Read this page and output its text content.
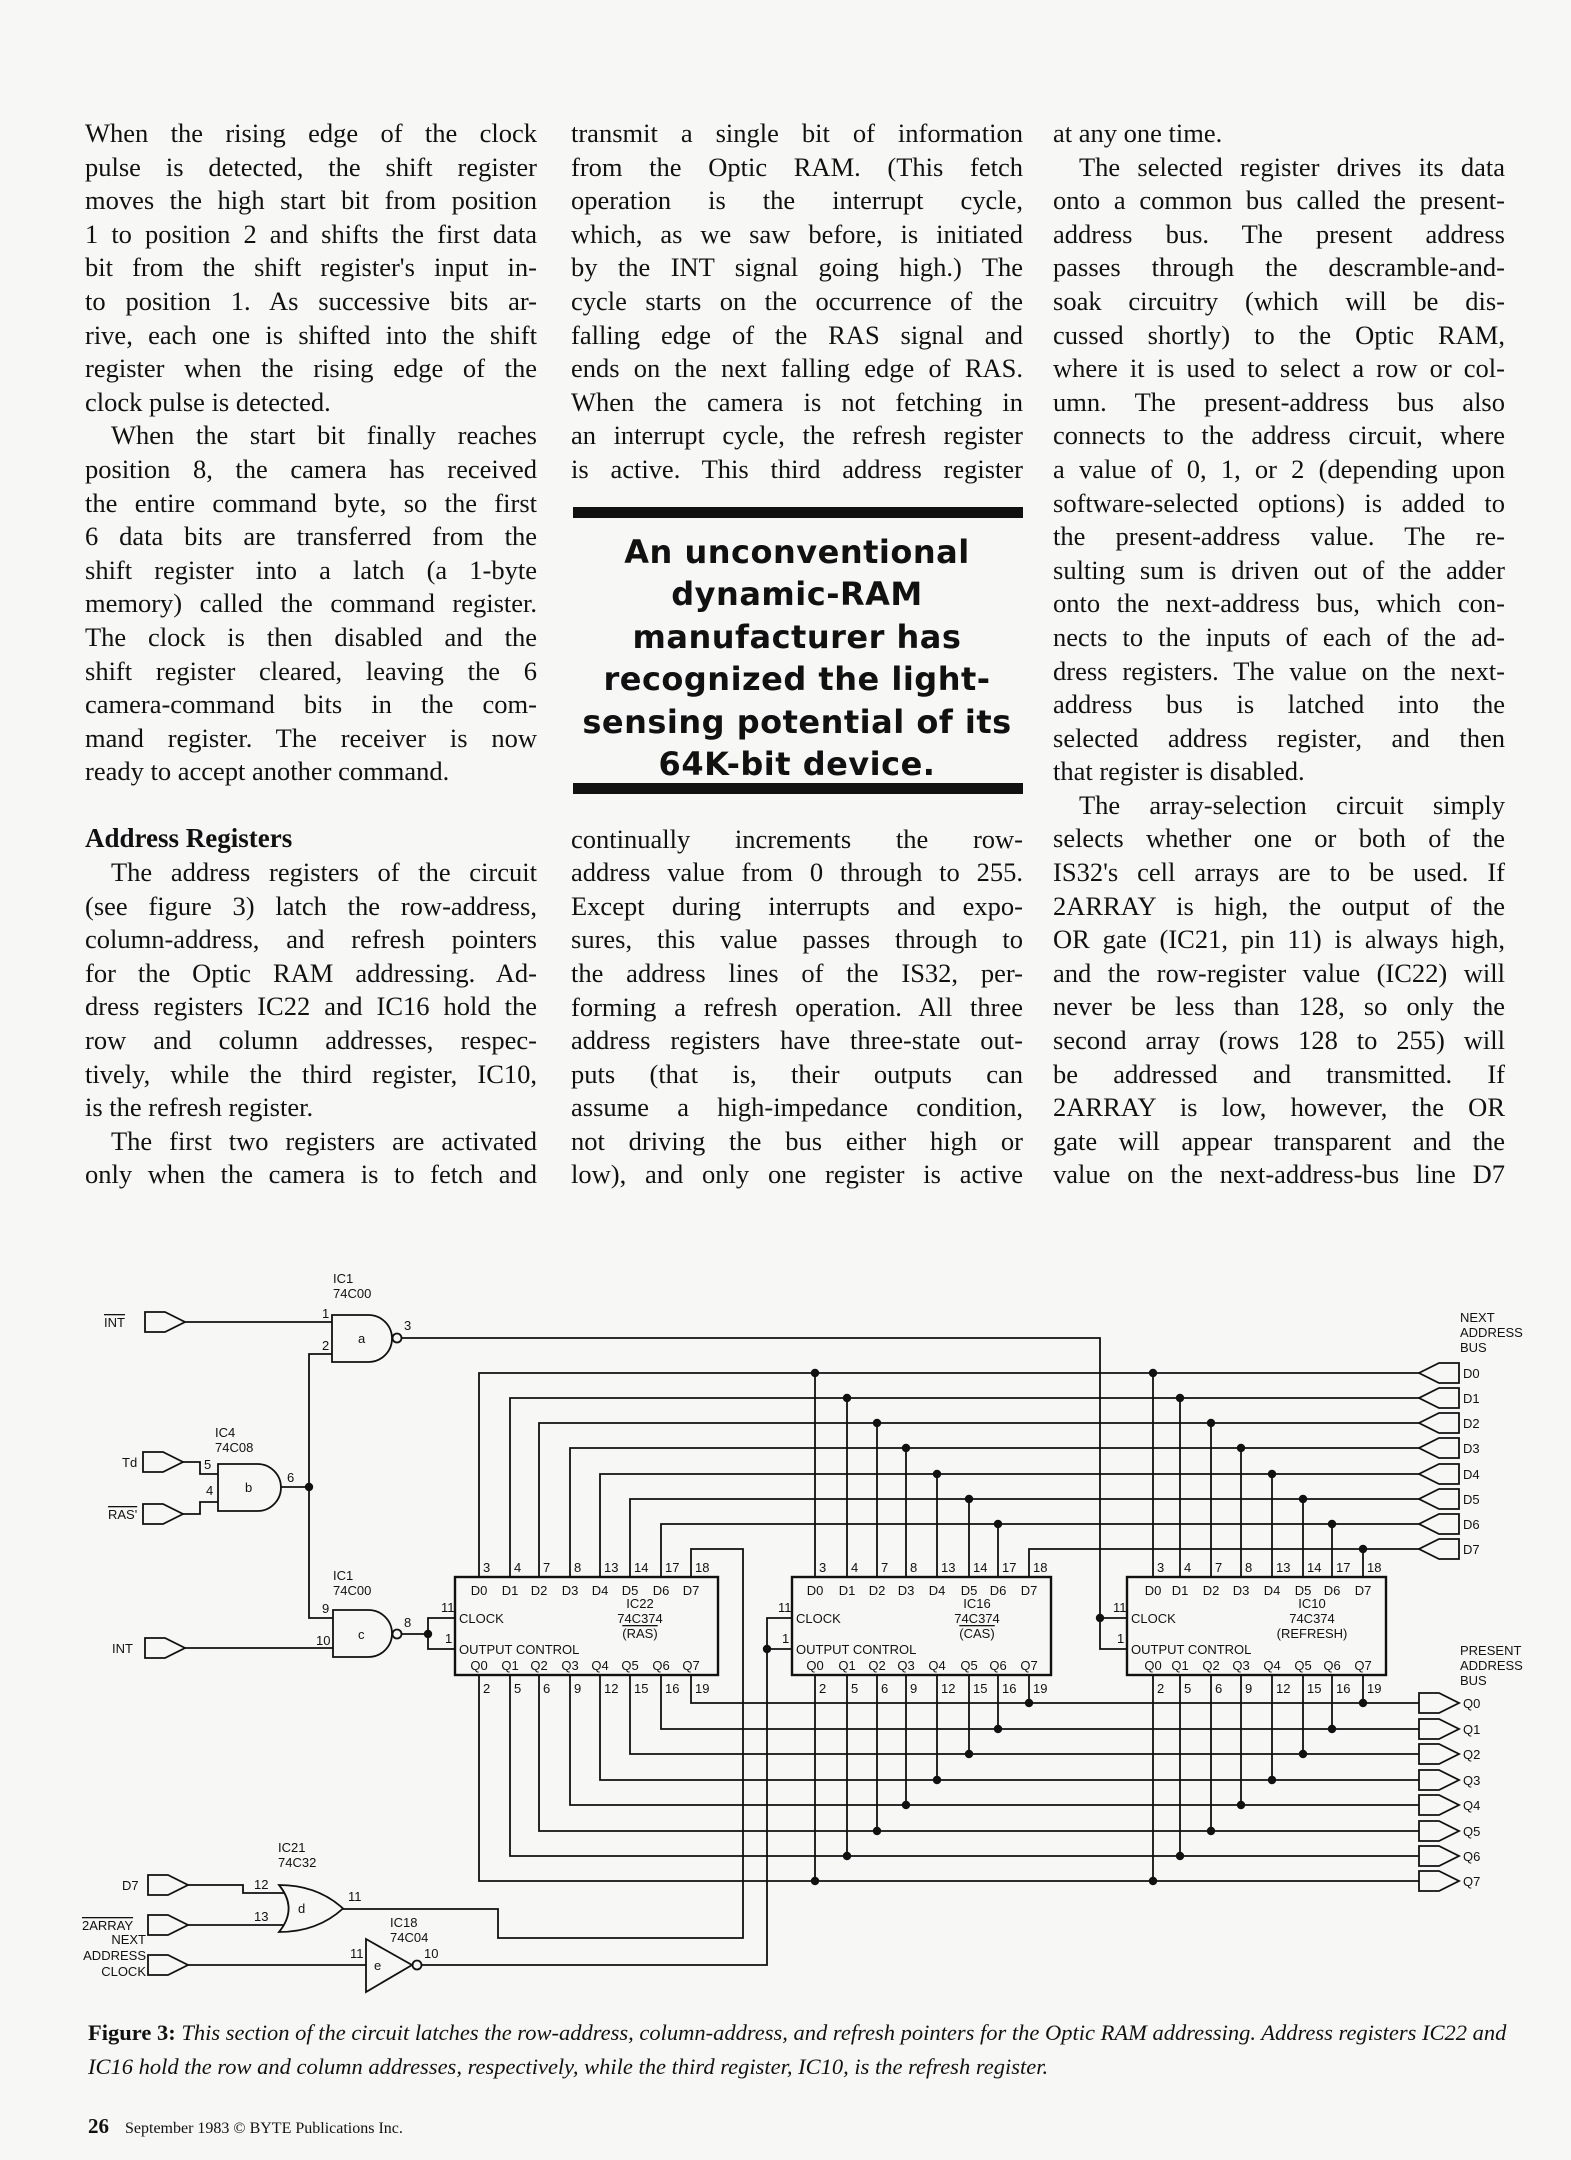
When the rising edge of the clock
pulse is detected, the shift register
moves the high start bit from position
1 to position 2 and shifts the first data
bit from the shift register's input in-
to position 1. As successive bits ar-
rive, each one is shifted into the shift
register when the rising edge of the
clock pulse is detected.
When the start bit finally reaches
position 8, the camera has received
the entire command byte, so the first
6 data bits are transferred from the
shift register into a latch (a 1-byte
memory) called the command register.
The clock is then disabled and the
shift register cleared, leaving the 6
camera-command bits in the com-
mand register. The receiver is now
ready to accept another command.
Address Registers
The address registers of the circuit
(see figure 3) latch the row-address,
column-address, and refresh pointers
for the Optic RAM addressing. Ad-
dress registers IC22 and IC16 hold the
row and column addresses, respec-
tively, while the third register, IC10,
is the refresh register.
The first two registers are activated
only when the camera is to fetch and
transmit a single bit of information
from the Optic RAM. (This fetch
operation is the interrupt cycle,
which, as we saw before, is initiated
by the INT signal going high.) The
cycle starts on the occurrence of the
falling edge of the RAS signal and
ends on the next falling edge of RAS.
When the camera is not fetching in
an interrupt cycle, the refresh register
is active. This third address register
An unconventional
dynamic-RAM
manufacturer has
recognized the light-
sensing potential of its
64K-bit device.
continually increments the row-
address value from 0 through to 255.
Except during interrupts and expo-
sures, this value passes through to
the address lines of the IS32, per-
forming a refresh operation. All three
address registers have three-state out-
puts (that is, their outputs can
assume a high-impedance condition,
not driving the bus either high or
low), and only one register is active
at any one time.
The selected register drives its data
onto a common bus called the present-
address bus. The present address
passes through the descramble-and-
soak circuitry (which will be dis-
cussed shortly) to the Optic RAM,
where it is used to select a row or col-
umn. The present-address bus also
connects to the address circuit, where
a value of 0, 1, or 2 (depending upon
software-selected options) is added to
the present-address value. The re-
sulting sum is driven out of the adder
onto the next-address bus, which con-
nects to the inputs of each of the ad-
dress registers. The value on the next-
address bus is latched into the
selected address register, and then
that register is disabled.
The array-selection circuit simply
selects whether one or both of the
IS32's cell arrays are to be used. If
2ARRAY is high, the output of the
OR gate (IC21, pin 11) is always high,
and the row-register value (IC22) will
never be less than 128, so only the
second array (rows 128 to 255) will
be addressed and transmitted. If
2ARRAY is low, however, the OR
gate will appear transparent and the
value on the next-address-bus line D7
INT
Td
RAS'
INT
D7
2ARRAY
NEXT
ADDRESS
CLOCK
IC1
74C00
a
1
2
3
IC4
74C08
b
5
4
6
IC1
74C00
c
9
10
8
IC21
74C32
d
12
13
11
IC18
74C04
e
11	10
3
2
D0
Q0
4
5
D1
Q1
7
6
D2
Q2
8
9
D3
Q3
13
12
D4
Q4
14
15
D5
Q5
17
16
D6
Q6
18
19
D7
Q7
CLOCK
OUTPUT CONTROL
11
1
IC22
74C374
(RAS)
3
2
D0
Q0
4
5
D1
Q1
7
6
D2
Q2
8
9
D3
Q3
13
12
D4
Q4
14
15
D5
Q5
17
16
D6
Q6
18
19
D7
Q7
CLOCK
OUTPUT CONTROL
11
1
IC16
74C374
(CAS)
3
2
D0
Q0
4
5
D1
Q1
7
6
D2
Q2
8
9
D3
Q3
13
12
D4
Q4
14
15
D5
Q5
17
16
D6
Q6
18
19
D7
Q7
CLOCK
OUTPUT CONTROL
11
1
IC10
74C374
(REFRESH)
D0
Q0
D1
Q1
D2
Q2
D3
Q3
D4
Q4
D5
Q5
D6
Q6
D7
Q7
NEXT
ADDRESS
BUS
PRESENT
ADDRESS
BUS
Figure 3: This section of the circuit latches the row-address, column-address, and refresh pointers for the Optic RAM addressing. Address registers IC22 and IC16 hold the row and column addresses, respectively, while the third register, IC10, is the refresh register.
26 September 1983 © BYTE Publications Inc.
